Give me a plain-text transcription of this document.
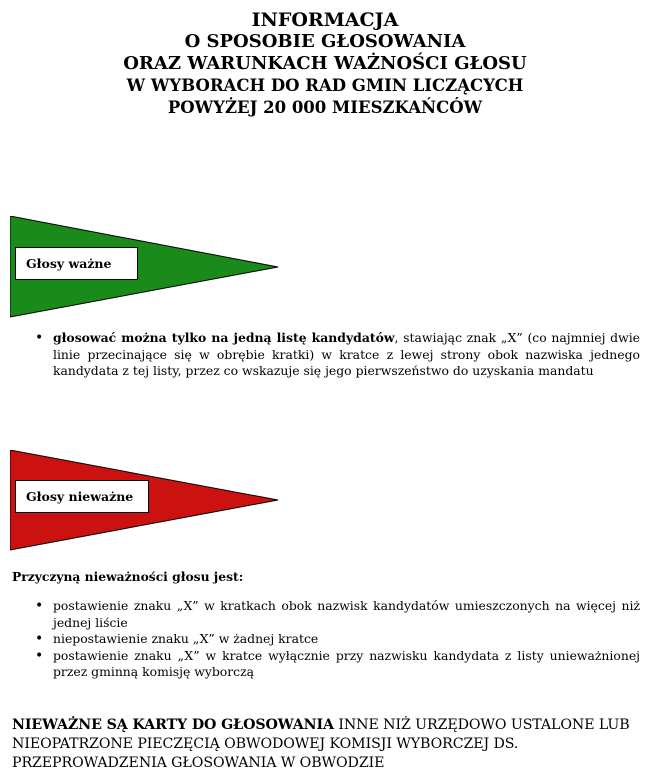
INFORMACJA
O SPOSOBIE GŁOSOWANIA
ORAZ WARUNKACH WAŻNOŚCI GŁOSU
W WYBORACH DO RAD GMIN LICZĄCYCH
POWYŻEJ 20 000 MIESZKAŃCÓW
Głosy ważne
• głosować można tylko na jedną listę kandydatów, stawiając znak „X” (co najmniej dwie linie przecinające się w obrębie kratki) w kratce z lewej strony obok nazwiska jednego kandydata z tej listy, przez co wskazuje się jego pierwszeństwo do uzyskania mandatu
Głosy nieważne
Przyczyną nieważności głosu jest:
• postawienie znaku „X” w kratkach obok nazwisk kandydatów umieszczonych na więcej niż jednej liście
• niepostawienie znaku „X” w żadnej kratce
• postawienie znaku „X” w kratce wyłącznie przy nazwisku kandydata z listy unieważnionej przez gminną komisję wyborczą
NIEWAŻNE SĄ KARTY DO GŁOSOWANIA INNE NIŻ URZĘDOWO USTALONE LUB NIEOPATRZONE PIECZĘCIĄ OBWODOWEJ KOMISJI WYBORCZEJ DS. PRZEPROWADZENIA GŁOSOWANIA W OBWODZIE
